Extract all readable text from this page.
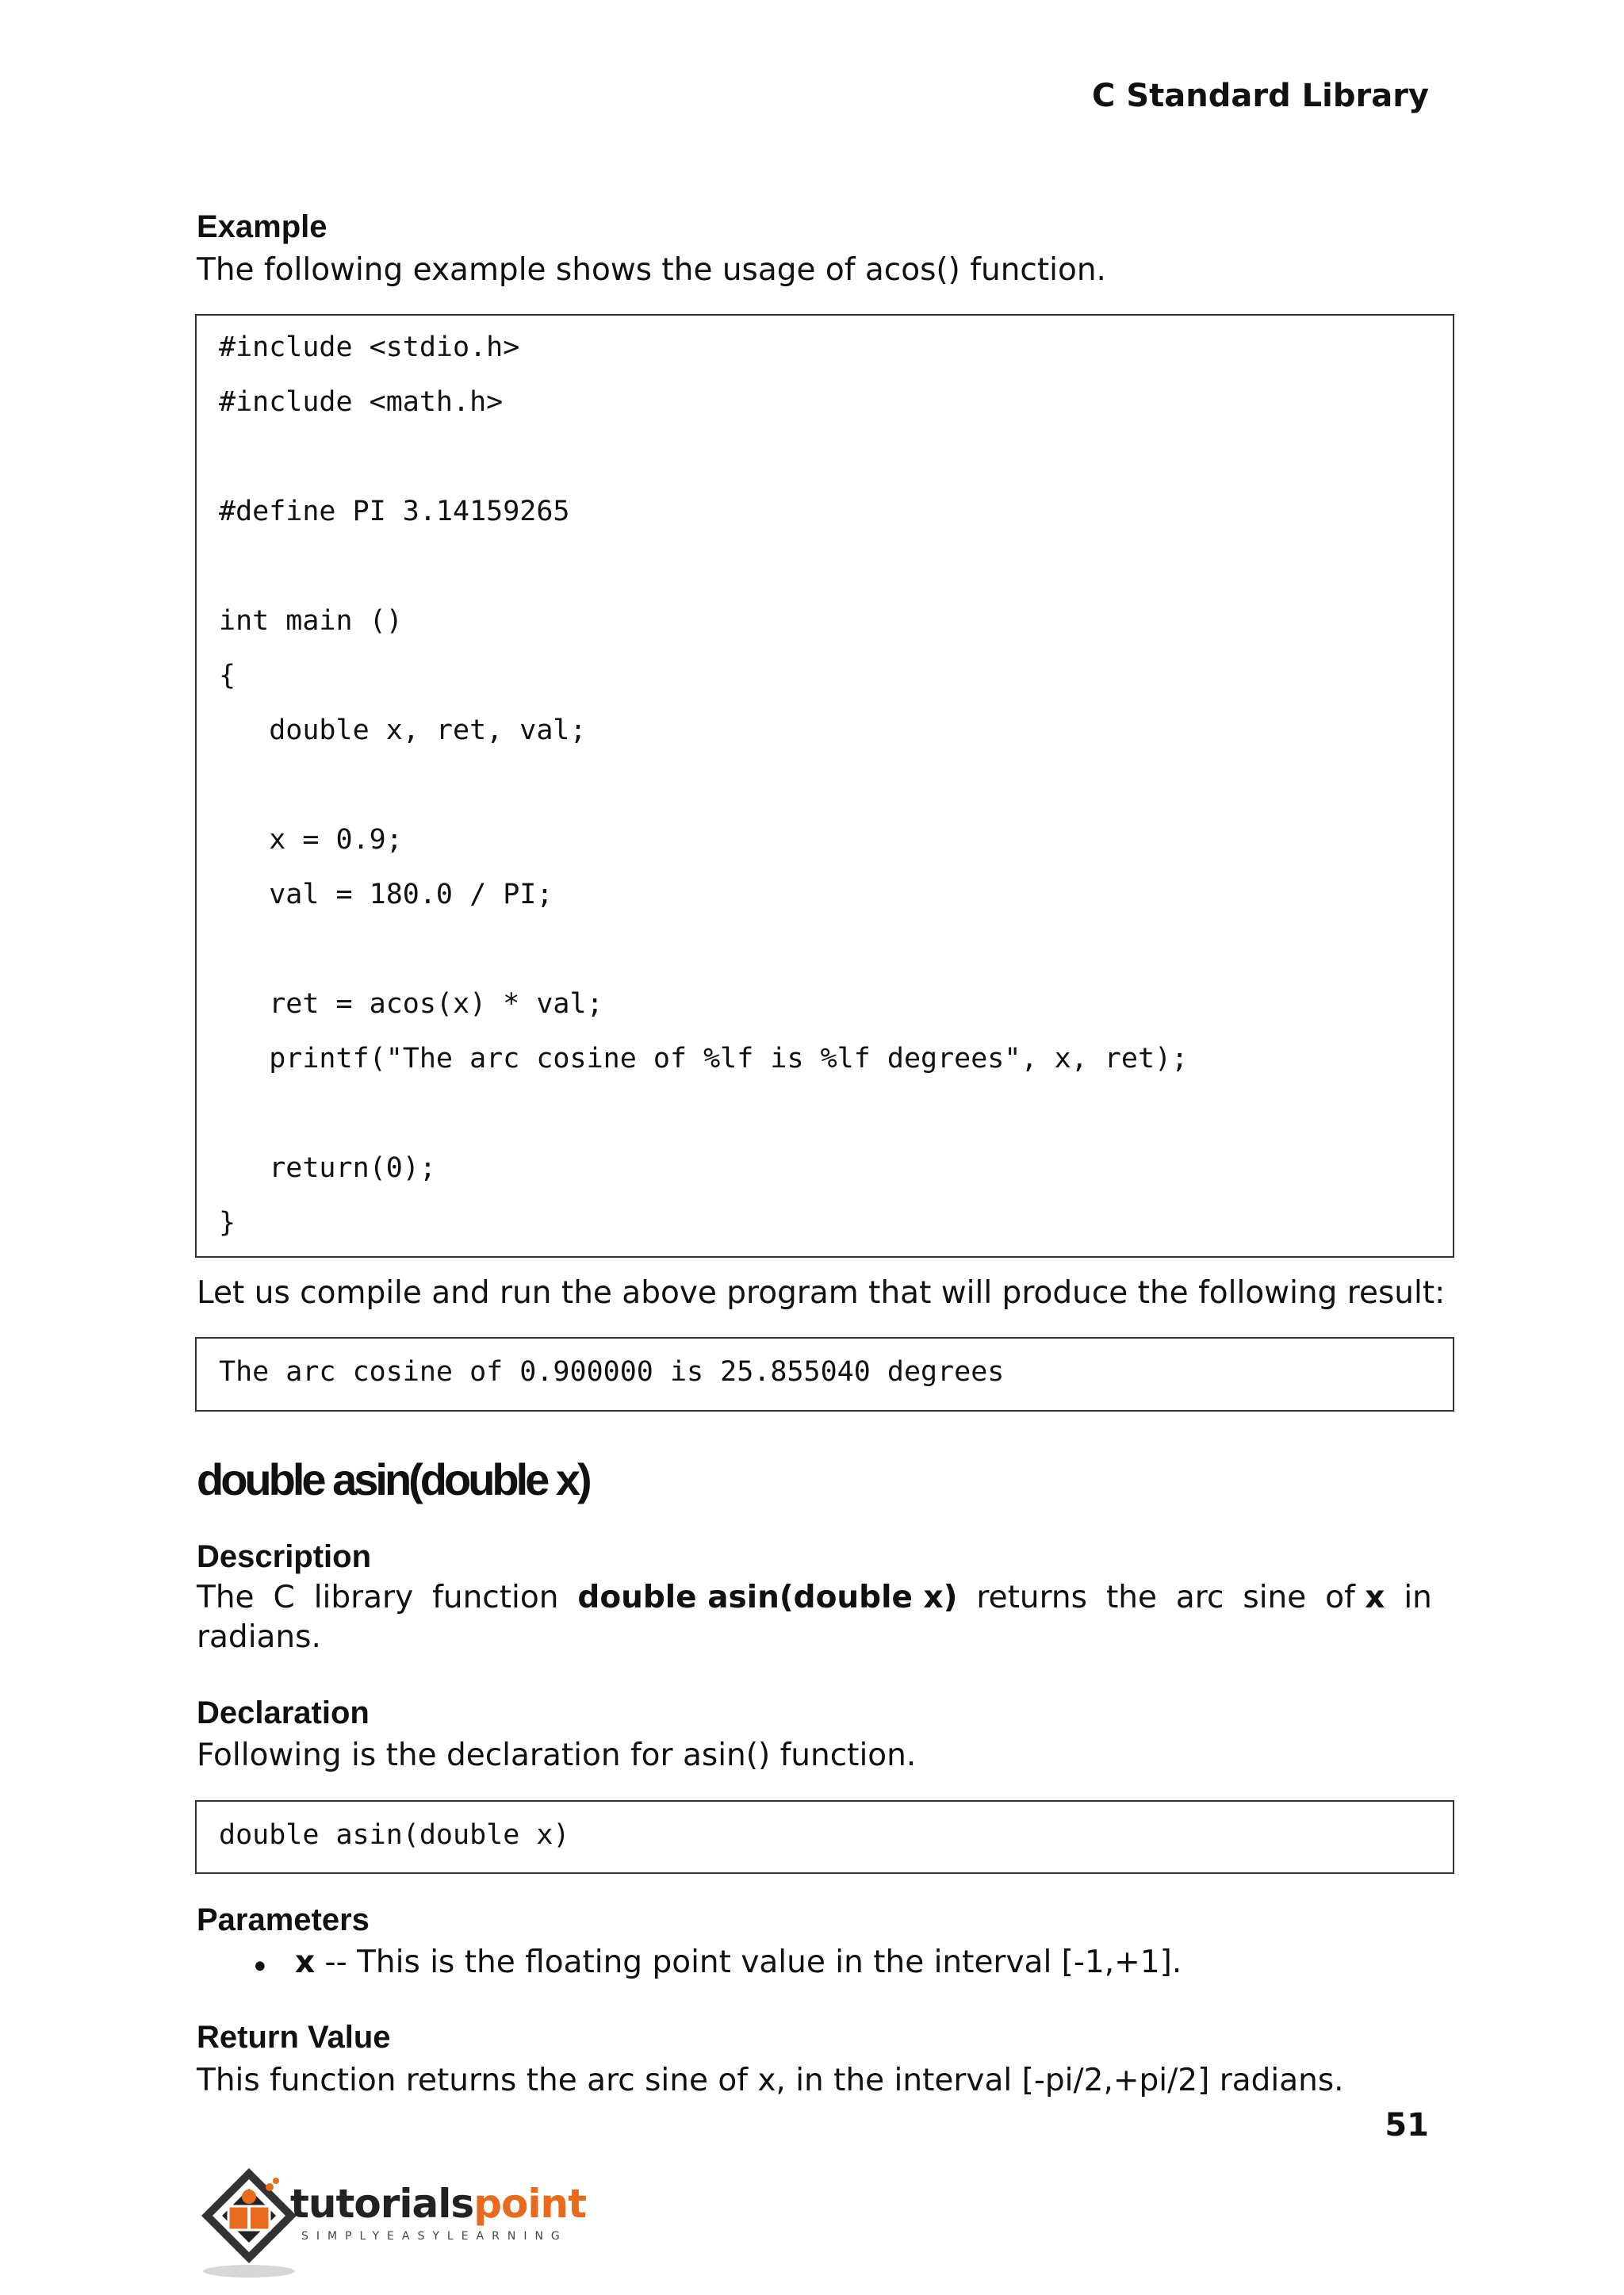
C Standard Library
Example
The following example shows the usage of acos() function.
#include <stdio.h>
#include <math.h>
#define PI 3.14159265
int main ()
{
double x, ret, val;
x = 0.9;
val = 180.0 / PI;
ret = acos(x) * val;
printf("The arc cosine of %lf is %lf degrees", x, ret);
return(0);
}
Let us compile and run the above program that will produce the following result:
The arc cosine of 0.900000 is 25.855040 degrees
double asin(double x)
Description
The C library function double asin(double x) returns the arc sine of x in
radians.
Declaration
Following is the declaration for asin() function.
double asin(double x)
Parameters
• x -- This is the floating point value in the interval [-1,+1].
Return Value
This function returns the arc sine of x, in the interval [-pi/2,+pi/2] radians.
51
tutorialspoint
SIMPLYEASYLEARNING
